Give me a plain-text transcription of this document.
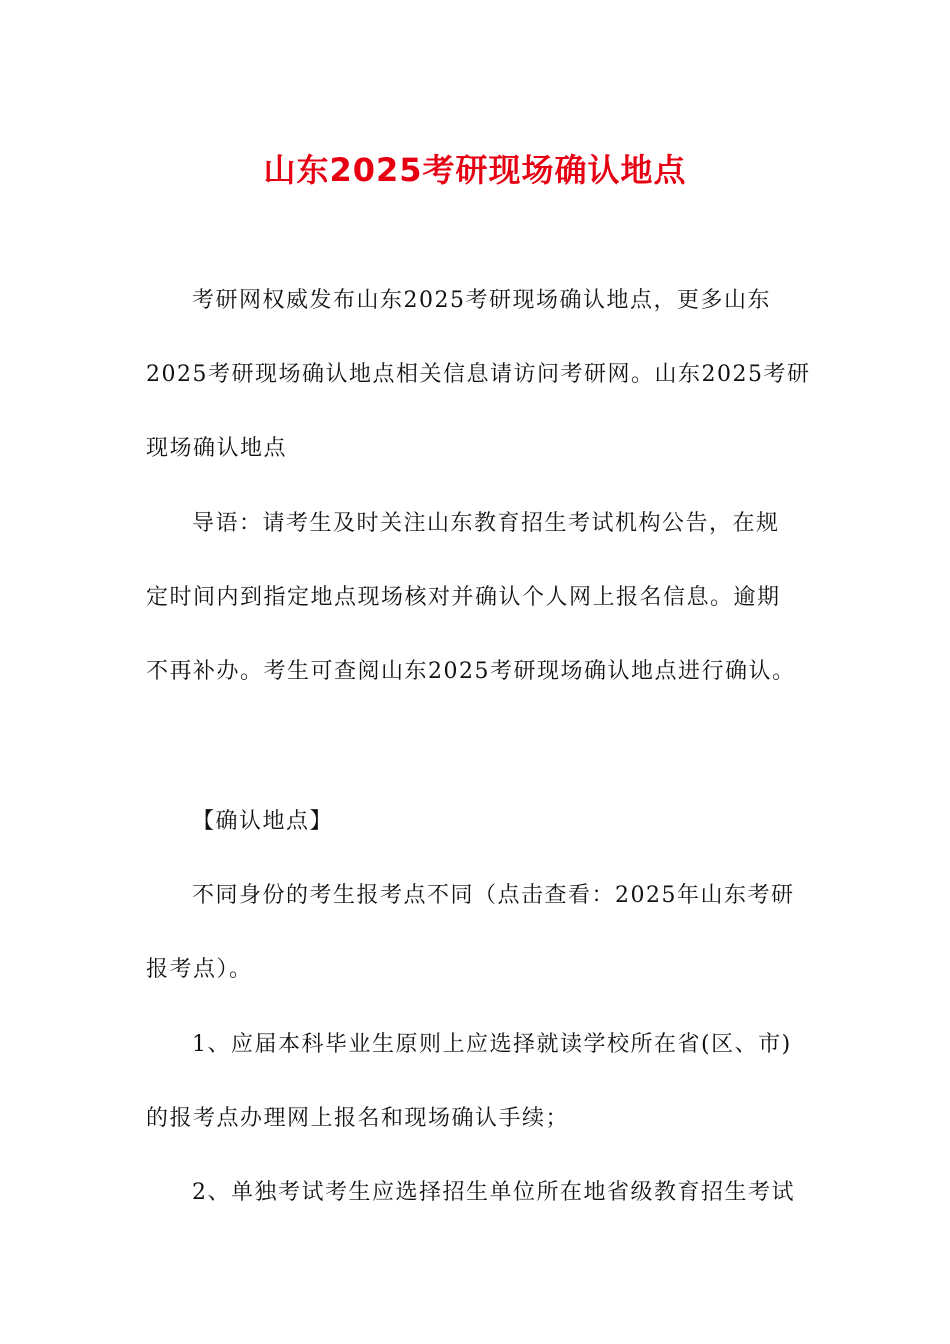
山东2025考研现场确认地点

考研网权威发布山东2025考研现场确认地点，更多山东

2025考研现场确认地点相关信息请访问考研网。山东2025考研

现场确认地点

导语：请考生及时关注山东教育招生考试机构公告，在规

定时间内到指定地点现场核对并确认个人网上报名信息。逾期

不再补办。考生可查阅山东2025考研现场确认地点进行确认。

【确认地点】

不同身份的考生报考点不同（点击查看：2025年山东考研

报考点）。

1、应届本科毕业生原则上应选择就读学校所在省(区、市)

的报考点办理网上报名和现场确认手续；

2、单独考试考生应选择招生单位所在地省级教育招生考试
